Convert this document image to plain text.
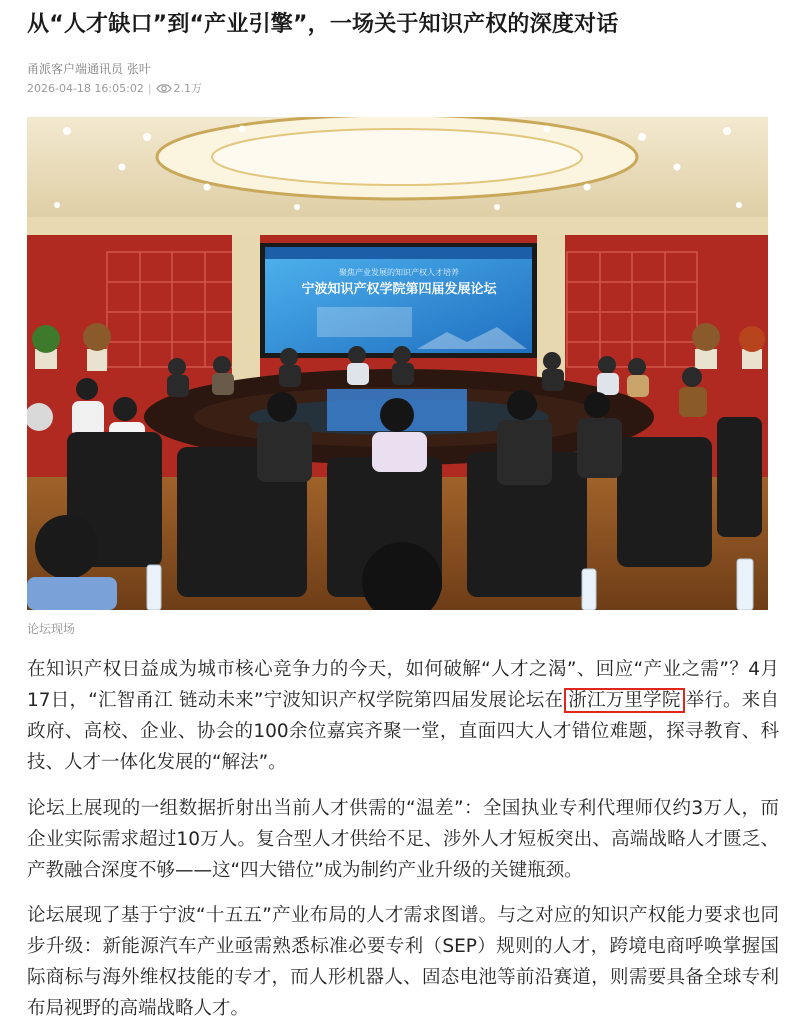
从“人才缺口”到“产业引擎”，一场关于知识产权的深度对话
甬派客户端通讯员 张叶
2026-04-18 16:05:02 | 2.1万
聚焦产业发展的知识产权人才培养
宁波知识产权学院第四届发展论坛
论坛现场

在知识产权日益成为城市核心竞争力的今天，如何破解“人才之渴”、回应“产业之需”？4月17日，“汇智甬江 链动未来”宁波知识产权学院第四届发展论坛在 浙江万里学院 举行。来自政府、高校、企业、协会的100余位嘉宾齐聚一堂，直面四大人才错位难题，探寻教育、科技、人才一体化发展的“解法”。

论坛上展现的一组数据折射出当前人才供需的“温差”：全国执业专利代理师仅约3万人，而企业实际需求超过10万人。复合型人才供给不足、涉外人才短板突出、高端战略人才匮乏、产教融合深度不够——这“四大错位”成为制约产业升级的关键瓶颈。

论坛展现了基于宁波“十五五”产业布局的人才需求图谱。与之对应的知识产权能力要求也同步升级：新能源汽车产业亟需熟悉标准必要专利（SEP）规则的人才，跨境电商呼唤掌握国际商标与海外维权技能的专才，而人形机器人、固态电池等前沿赛道，则需要具备全球专利布局视野的高端战略人才。
